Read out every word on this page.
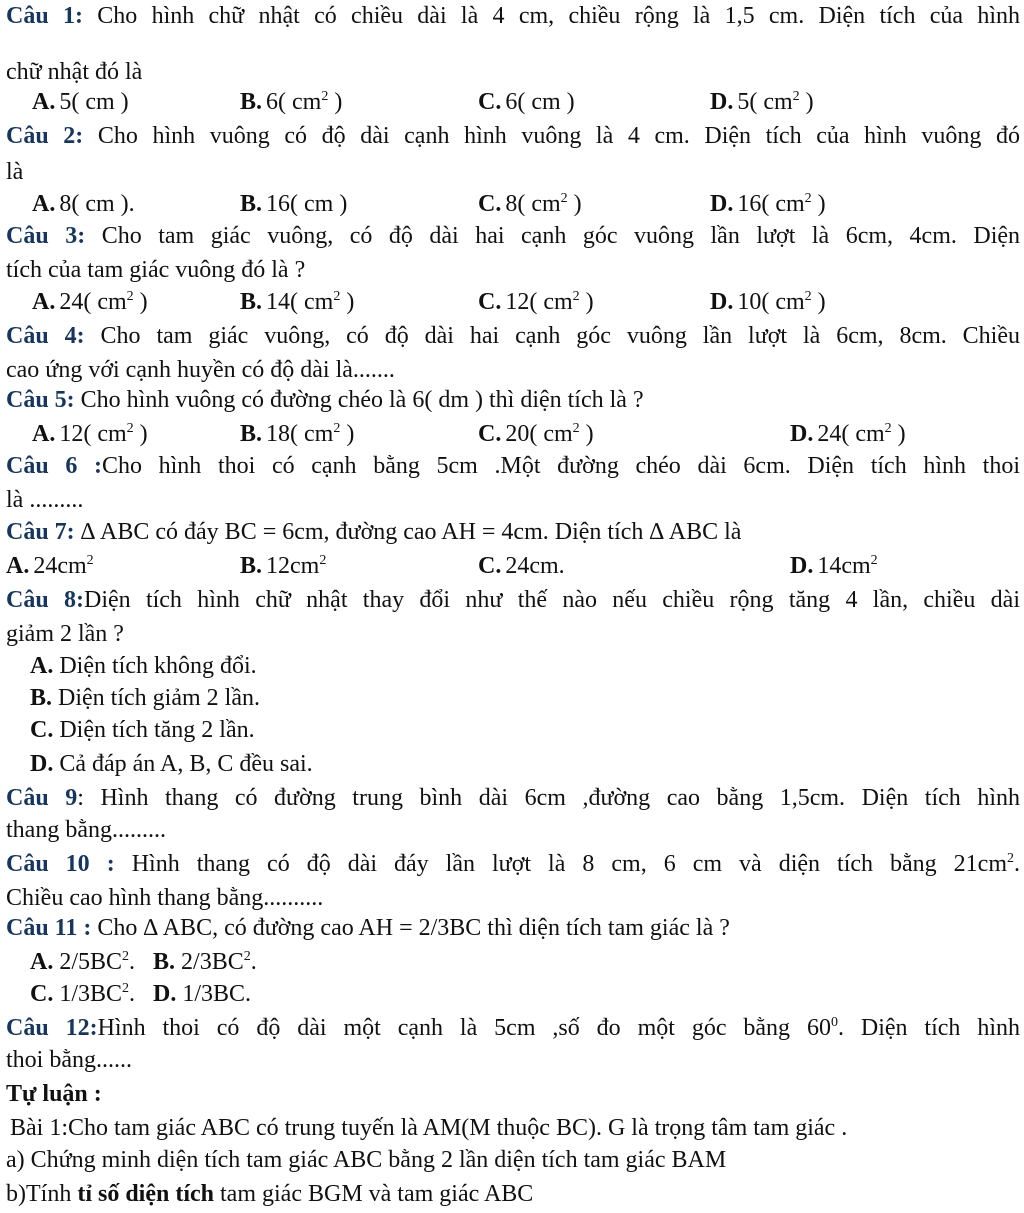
Câu 1: Cho hình chữ nhật có chiều dài là 4 cm, chiều rộng là 1,5 cm. Diện tích của hình
chữ nhật đó là
A. 5( cm )	B. 6( $cm^2$ )	C. 6( cm )	D. 5( $cm^2$ )
Câu 2: Cho hình vuông có độ dài cạnh hình vuông là 4 cm. Diện tích của hình vuông đó
là
A. 8( cm ).	B. 16( cm )	C. 8( $cm^2$ )	D. 16( $cm^2$ )
Câu 3: Cho tam giác vuông, có độ dài hai cạnh góc vuông lần lượt là 6cm, 4cm. Diện
tích của tam giác vuông đó là ?
A. 24( $cm^2$ )	B. 14( $cm^2$ )	C. 12( $cm^2$ )	D. 10( $cm^2$ )
Câu 4: Cho tam giác vuông, có độ dài hai cạnh góc vuông lần lượt là 6cm, 8cm. Chiều
cao ứng với cạnh huyền có độ dài là.......
Câu 5: Cho hình vuông có đường chéo là 6( dm ) thì diện tích là ?
A. 12( $cm^2$ )	B. 18( $cm^2$ )	C. 20( $cm^2$ )	D. 24( $cm^2$ )
Câu 6 :Cho hình thoi có cạnh bằng 5cm .Một đường chéo dài 6cm. Diện tích hình thoi
là .........
Câu 7: ∆ ABC có đáy BC = 6cm, đường cao AH = 4cm. Diện tích ∆ ABC là
A. $24cm^2$	B. $12cm^2$	C. 24cm.	D. $14cm^2$
Câu 8:Diện tích hình chữ nhật thay đổi như thế nào nếu chiều rộng tăng 4 lần, chiều dài
giảm 2 lần ?
A. Diện tích không đổi.
B. Diện tích giảm 2 lần.
C. Diện tích tăng 2 lần.
D. Cả đáp án A, B, C đều sai.
Câu 9: Hình thang có đường trung bình dài 6cm ,đường cao bằng 1,5cm. Diện tích hình
thang bằng.........
Câu 10 : Hình thang có độ dài đáy lần lượt là 8 cm, 6 cm và diện tích bằng $21cm^2$.
Chiều cao hình thang bằng..........
Câu 11 : Cho ∆ ABC, có đường cao AH = 2/3BC thì diện tích tam giác là ?
A. $2/5BC^2$. B. $2/3BC^2$.
C. $1/3BC^2$. D. 1/3BC.
Câu 12:Hình thoi có độ dài một cạnh là 5cm ,số đo một góc bằng $60^0$. Diện tích hình
thoi bằng......
Tự luận :
Bài 1:Cho tam giác ABC có trung tuyến là AM(M thuộc BC). G là trọng tâm tam giác .
a) Chứng minh diện tích tam giác ABC bằng 2 lần diện tích tam giác BAM
b)Tính tỉ số diện tích tam giác BGM và tam giác ABC
